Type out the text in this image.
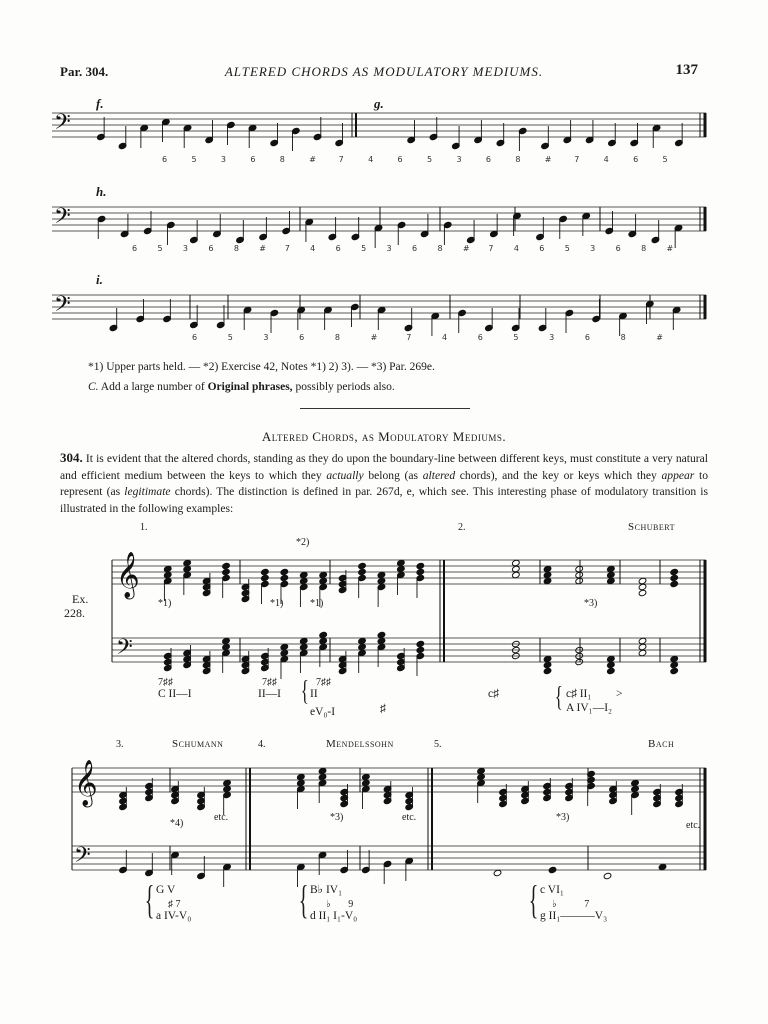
Par. 304.	ALTERED CHORDS AS MODULATORY MEDIUMS.	137
f.	g.
h.
i.
𝄢
6	5	3	6	8	#	7	4	6	5	3	6	8	#	7	4	6	5
𝄢
6	5	3	6	8	# 7	4	6	5	3	6	8	# 7	4	6	5	3	6	8	#
𝄢
6	5	3	6	8	#	7	4	6	5	3	6	8	#
𝄞
𝄢
𝄞
𝄢
*1) Upper parts held. — *2) Exercise 42, Notes *1) 2) 3). — *3) Par. 269e.
C. Add a large number of Original phrases, possibly periods also.
Altered Chords, as Modulatory Mediums.
304. It is evident that the altered chords, standing as they do upon the boundary-line between different keys, must constitute a very natural and efficient medium between the keys to which they actually belong (as altered chords), and the key or keys which they appear to represent (as legitimate chords). The distinction is defined in par. 267d, e, which see. This interesting phase of modulatory transition is illustrated in the following examples:
1.	2.	Schubert
Ex.
228.
*1)	*1)	*1)
*2)
*3)
7♯♯
C II—I
7♯♯
II—I
7♯♯
{ II
eV₀-I	♯
c♯ { c♯ II₁ >
A IV₁—I₂
3.	Schumann	4.	Mendelssohn	5.	Bach
*4)
etc.	*3)	etc.	*3)
etc.
{ G V
♯ 7
a IV-V₀	{ B♭ IV₁
♭       9
d II₁ I₁-V₀	{ c VI₁
♭           7
g II₁———V₃
